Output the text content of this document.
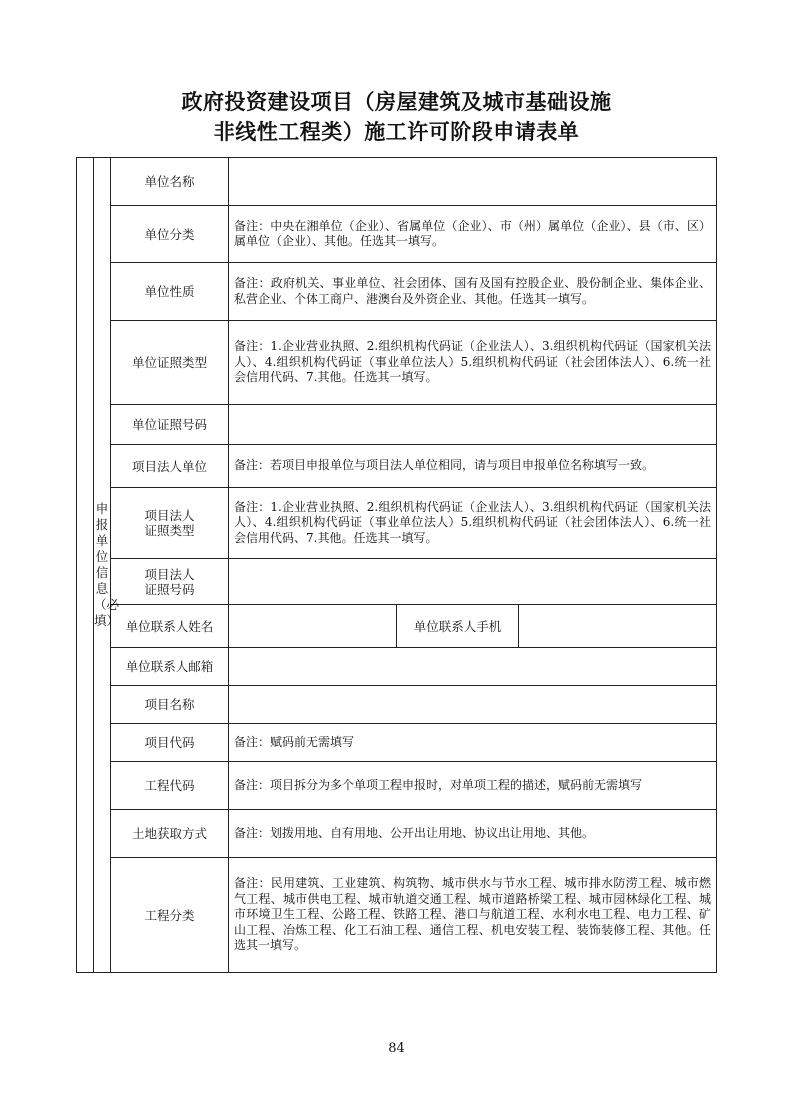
政府投资建设项目（房屋建筑及城市基础设施
非线性工程类）施工许可阶段申请表单
	申报
单位
信息
（必
填）	单位名称			
		单位分类	备注：中央在湘单位（企业）、省属单位（企业）、市（州）属单位（企业）、县（市、区）属单位（企业）、其他。任选其一填写。		
		单位性质	备注：政府机关、事业单位、社会团体、国有及国有控股企业、股份制企业、集体企业、私营企业、个体工商户、港澳台及外资企业、其他。任选其一填写。		
		单位证照类型	备注：1.企业营业执照、2.组织机构代码证（企业法人）、3.组织机构代码证（国家机关法人）、4.组织机构代码证（事业单位法人）5.组织机构代码证（社会团体法人）、6.统一社会信用代码、7.其他。任选其一填写。		
		单位证照号码			
		项目法人单位	备注：若项目申报单位与项目法人单位相同，请与项目申报单位名称填写一致。		
		项目法人
证照类型	备注：1.企业营业执照、2.组织机构代码证（企业法人）、3.组织机构代码证（国家机关法人）、4.组织机构代码证（事业单位法人）5.组织机构代码证（社会团体法人）、6.统一社会信用代码、7.其他。任选其一填写。		
		项目法人
证照号码			
		单位联系人姓名		单位联系人手机	
		单位联系人邮箱			
		项目名称			
		项目代码	备注：赋码前无需填写		
		工程代码	备注：项目拆分为多个单项工程申报时，对单项工程的描述，赋码前无需填写		
		土地获取方式	备注：划拨用地、自有用地、公开出让用地、协议出让用地、其他。		
		工程分类	备注：民用建筑、工业建筑、构筑物、城市供水与节水工程、城市排水防涝工程、城市燃气工程、城市供电工程、城市轨道交通工程、城市道路桥梁工程、城市园林绿化工程、城市环境卫生工程、公路工程、铁路工程、港口与航道工程、水利水电工程、电力工程、矿山工程、冶炼工程、化工石油工程、通信工程、机电安装工程、装饰装修工程、其他。任选其一填写。		
84
